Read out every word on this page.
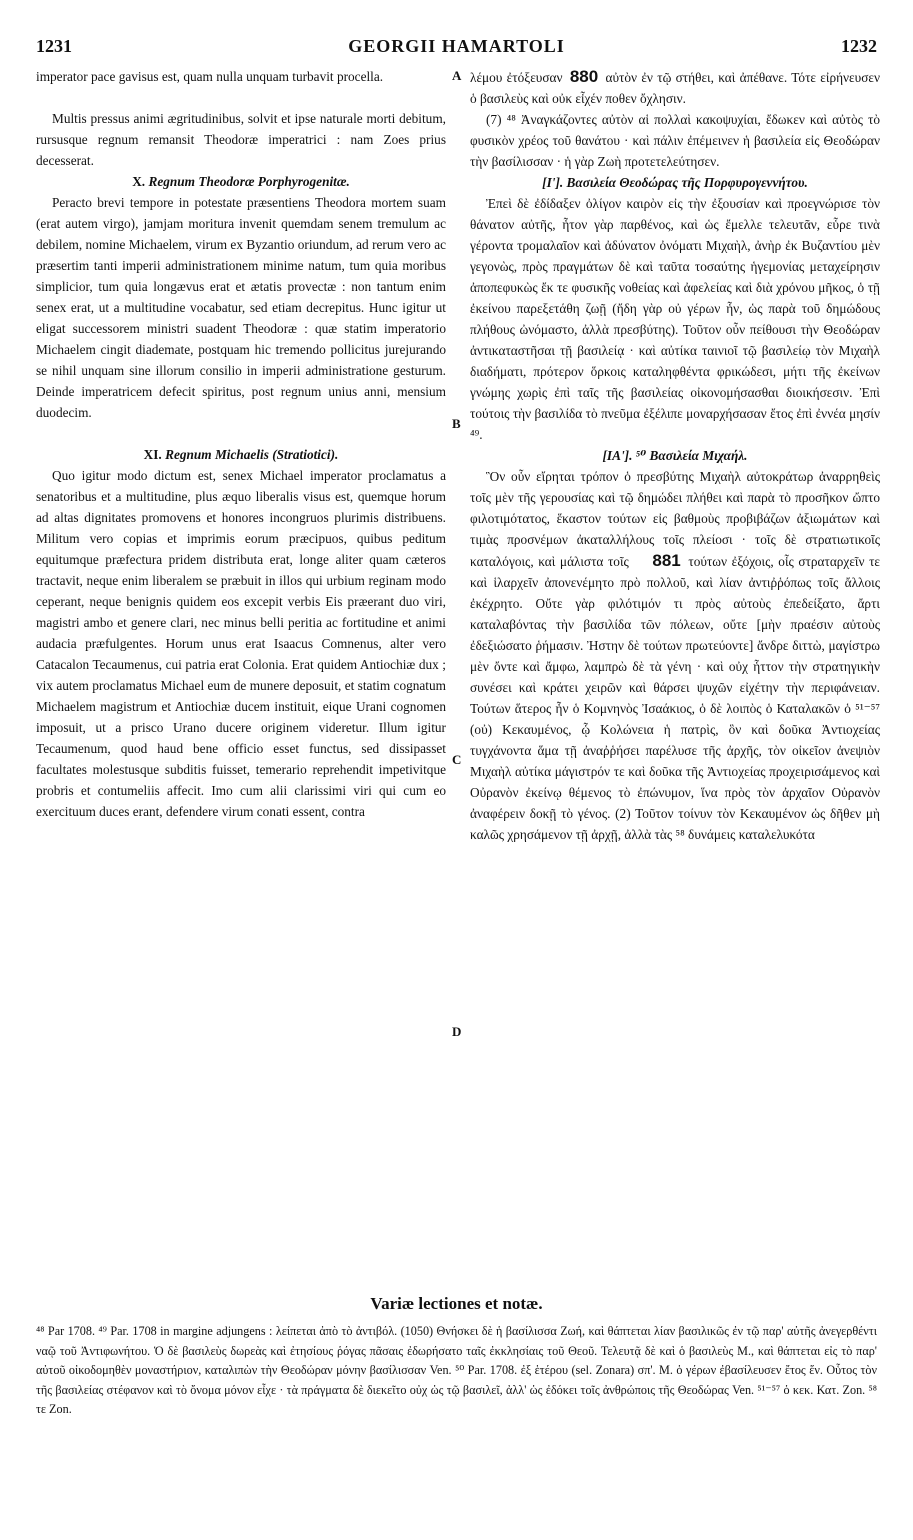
1231	GEORGII HAMARTOLI	1232
A
B
C
D

imperator pace gavisus est, quam nulla unquam turbavit procella.

Multis pressus animi ægritudinibus, solvit et ipse naturale morti debitum, rursusque regnum remansit Theodoræ imperatrici : nam Zoes prius decesserat.

X. Regnum Theodoræ Porphyrogenitæ.

Peracto brevi tempore in potestate præsentiens Theodora mortem suam (erat autem virgo), jamjam moritura invenit quemdam senem tremulum ac debilem, nomine Michaelem, virum ex Byzantio oriundum, ad rerum vero ac præsertim tanti imperii administrationem minime natum, tum quia moribus simplicior, tum quia longævus erat et ætatis provectæ : non tantum enim senex erat, ut a multitudine vocabatur, sed etiam decrepitus. Hunc igitur ut eligat successorem ministri suadent Theodoræ : quæ statim imperatorio Michaelem cingit diademate, postquam hic tremendo pollicitus jurejurando se nihil unquam sine illorum consilio in imperii administratione gesturum. Deinde imperatricem defecit spiritus, post regnum unius anni, mensium duodecim.

XI. Regnum Michaelis (Stratiotici).

Quo igitur modo dictum est, senex Michael imperator proclamatus a senatoribus et a multitudine, plus æquo liberalis visus est, quemque horum ad altas dignitates promovens et honores incongruos plurimis distribuens. Militum vero copias et imprimis eorum præcipuos, quibus peditum equitumque præfectura pridem distributa erat, longe aliter quam cæteros tractavit, neque enim liberalem se præbuit in illos qui urbium reginam modo ceperant, neque benignis quidem eos excepit verbis Eis præerant duo viri, magistri ambo et genere clari, nec minus belli peritia ac fortitudine et animi audacia præfulgentes. Horum unus erat Isaacus Comnenus, alter vero Catacalon Tecaumenus, cui patria erat Colonia. Erat quidem Antiochiæ dux ; vix autem proclamatus Michael eum de munere deposuit, et statim cognatum Michaelem magistrum et Antiochiæ ducem instituit, eique Urani cognomen imposuit, ut a prisco Urano ducere originem videretur. Illum igitur Tecaumenum, quod haud bene officio esset functus, sed dissipasset facultates molestusque subditis fuisset, temerario reprehendit impetivitque probris et contumeliis affecit. Imo cum alii clarissimi viri qui cum eo exercituum duces erant, defendere virum conati essent, contra

λέμου ἐτόξευσαν 880 αὐτὸν ἐν τῷ στήθει, καὶ ἀπέθανε. Τότε εἰρήνευσεν ὁ βασιλεὺς καὶ οὐκ εἶχέν ποθεν ὄχλησιν.

(7) ⁴⁸ Ἀναγκάζοντες αὐτὸν αἱ πολλαὶ κακοψυχίαι, ἔδωκεν καὶ αὐτὸς τὸ φυσικὸν χρέος τοῦ θανάτου · καὶ πάλιν ἐπέμεινεν ἡ βασιλεία εἰς Θεοδώραν τὴν βασίλισσαν · ἡ γὰρ Ζωὴ προτετελεύτησεν.

[Ι']. Βασιλεία Θεοδώρας τῆς Πορφυρογεννήτου.

Ἐπεὶ δὲ ἐδίδαξεν ὀλίγον καιρὸν εἰς τὴν ἐξουσίαν καὶ προεγνώρισε τὸν θάνατον αὐτῆς, ἦτον γὰρ παρθένος, καὶ ὡς ἔμελλε τελευτᾶν, εὗρε τινὰ γέροντα τρομαλαῖον καὶ ἀδύνατον ὀνόματι Μιχαὴλ, ἀνὴρ ἐκ Βυζαντίου μὲν γεγονὼς, πρὸς πραγμάτων δὲ καὶ ταῦτα τοσαύτης ἡγεμονίας μεταχείρησιν ἀποπεφυκὼς ἔκ τε φυσικῆς νοθείας καὶ ἀφελείας καὶ διὰ χρόνου μῆκος, ὁ τῇ ἐκείνου παρεξετάθη ζωῇ (ἤδη γὰρ οὐ γέρων ἦν, ὡς παρὰ τοῦ δημώδους πλήθους ὠνόμαστο, ἀλλὰ πρεσβύτης). Τοῦτον οὖν πείθουσι τὴν Θεοδώραν ἀντικαταστῆσαι τῇ βασιλείᾳ · καὶ αὐτίκα ταινιοῖ τῷ βασιλείῳ τὸν Μιχαὴλ διαδήματι, πρότερον ὅρκοις καταληφθέντα φρικώδεσι, μήτι τῆς ἐκείνων γνώμης χωρὶς ἐπὶ ταῖς τῆς βασιλείας οἰκονομήσασθαι διοικήσεσιν. Ἐπὶ τούτοις τὴν βασιλίδα τὸ πνεῦμα ἐξέλιπε μοναρχήσασαν ἔτος ἐπὶ ἐννέα μησίν ⁴⁹.

[ΙΑ']. ⁵⁰ Βασιλεία Μιχαήλ.

Ὃν οὖν εἴρηται τρόπον ὁ πρεσβύτης Μιχαὴλ αὐτοκράτωρ ἀναρρηθεὶς τοῖς μὲν τῆς γερουσίας καὶ τῷ δημώδει πλήθει καὶ παρὰ τὸ προσῆκον ὤπτο φιλοτιμότατος, ἕκαστον τούτων εἰς βαθμοὺς προβιβάζων ἀξιωμάτων καὶ τιμὰς προσνέμων ἀκαταλλήλους τοῖς πλείοσι · τοῖς δὲ στρατιωτικοῖς καταλόγοις, καὶ μάλιστα τοῖς 881 τούτων ἐξόχοις, οἷς στραταρχεῖν τε καὶ ἱλαρχεῖν ἀπονενέμητο πρὸ πολλοῦ, καὶ λίαν ἀντιῤῥόπως τοῖς ἄλλοις ἐκέχρητο. Οὔτε γὰρ φιλότιμόν τι πρὸς αὐτοὺς ἐπεδείξατο, ἄρτι καταλαβόντας τὴν βασιλίδα τῶν πόλεων, οὔτε [μὴν πραέσιν αὐτοὺς ἐδεξιώσατο ῥήμασιν. Ἠστην δὲ τούτων πρωτεύοντε] ἄνδρε διττὼ, μαγίστρω μὲν ὄντε καὶ ἄμφω, λαμπρὼ δὲ τὰ γένη · καὶ οὐχ ἧττον τὴν στρατηγικὴν συνέσει καὶ κράτει χειρῶν καὶ θάρσει ψυχῶν εἰχέτην τὴν περιφάνειαν. Τούτων ἅτερος ἦν ὁ Κομνηνὸς Ἰσαάκιος, ὁ δὲ λοιπὸς ὁ Καταλακῶν ὁ ⁵¹⁻⁵⁷ (οὐ) Κεκαυμένος, ᾧ Κολώνεια ἡ πατρὶς, ὃν καὶ δοῦκα Ἀντιοχείας τυγχάνοντα ἅμα τῇ ἀναῤῥήσει παρέλυσε τῆς ἀρχῆς, τὸν οἰκεῖον ἀνεψιὸν Μιχαὴλ αὐτίκα μάγιστρόν τε καὶ δοῦκα τῆς Ἀντιοχείας προχειρισάμενος καὶ Οὐρανὸν ἐκείνῳ θέμενος τὸ ἐπώνυμον, ἵνα πρὸς τὸν ἀρχαῖον Οὐρανὸν ἀναφέρειν δοκῇ τὸ γένος. (2) Τοῦτον τοίνυν τὸν Κεκαυμένον ὡς δῆθεν μὴ καλῶς χρησάμενον τῇ ἀρχῇ, ἀλλὰ τὰς ⁵⁸ δυνάμεις καταλελυκότα

Variæ lectiones et notæ.

⁴⁸ Par 1708. ⁴⁹ Par. 1708 in margine adjungens : λείπεται ἀπὸ τὸ ἀντιβόλ. (1050) Θνήσκει δὲ ἡ βασίλισσα Ζωή, καὶ θάπτεται λίαν βασιλικῶς ἐν τῷ παρ' αὐτῆς ἀνεγερθέντι ναῷ τοῦ Ἀντιφωνήτου. Ὁ δὲ βασιλεὺς δωρεὰς καὶ ἐτησίους ῥόγας πᾶσαις ἐδωρήσατο ταῖς ἐκκλησίαις τοῦ Θεοῦ. Τελευτᾷ δὲ καὶ ὁ βασιλεὺς Μ., καὶ θάπτεται εἰς τὸ παρ' αὐτοῦ οἰκοδομηθὲν μοναστήριον, καταλιπὼν τὴν Θεοδώραν μόνην βασίλισσαν Ven. ⁵⁰ Par. 1708. ἐξ ἑτέρου (sel. Zonara) σπ'. M. ὁ γέρων ἐβασίλευσεν ἔτος ἕν. Οὗτος τὸν τῆς βασιλείας στέφανον καὶ τὸ ὄνομα μόνον εἶχε · τὰ πράγματα δὲ διεκεῖτο οὐχ ὡς τῷ βασιλεῖ, ἀλλ' ὡς ἐδόκει τοῖς ἀνθρώποις τῆς Θεοδώρας Ven. ⁵¹⁻⁵⁷ ὁ κεκ. Κατ. Zon. ⁵⁸ τε Zon.
